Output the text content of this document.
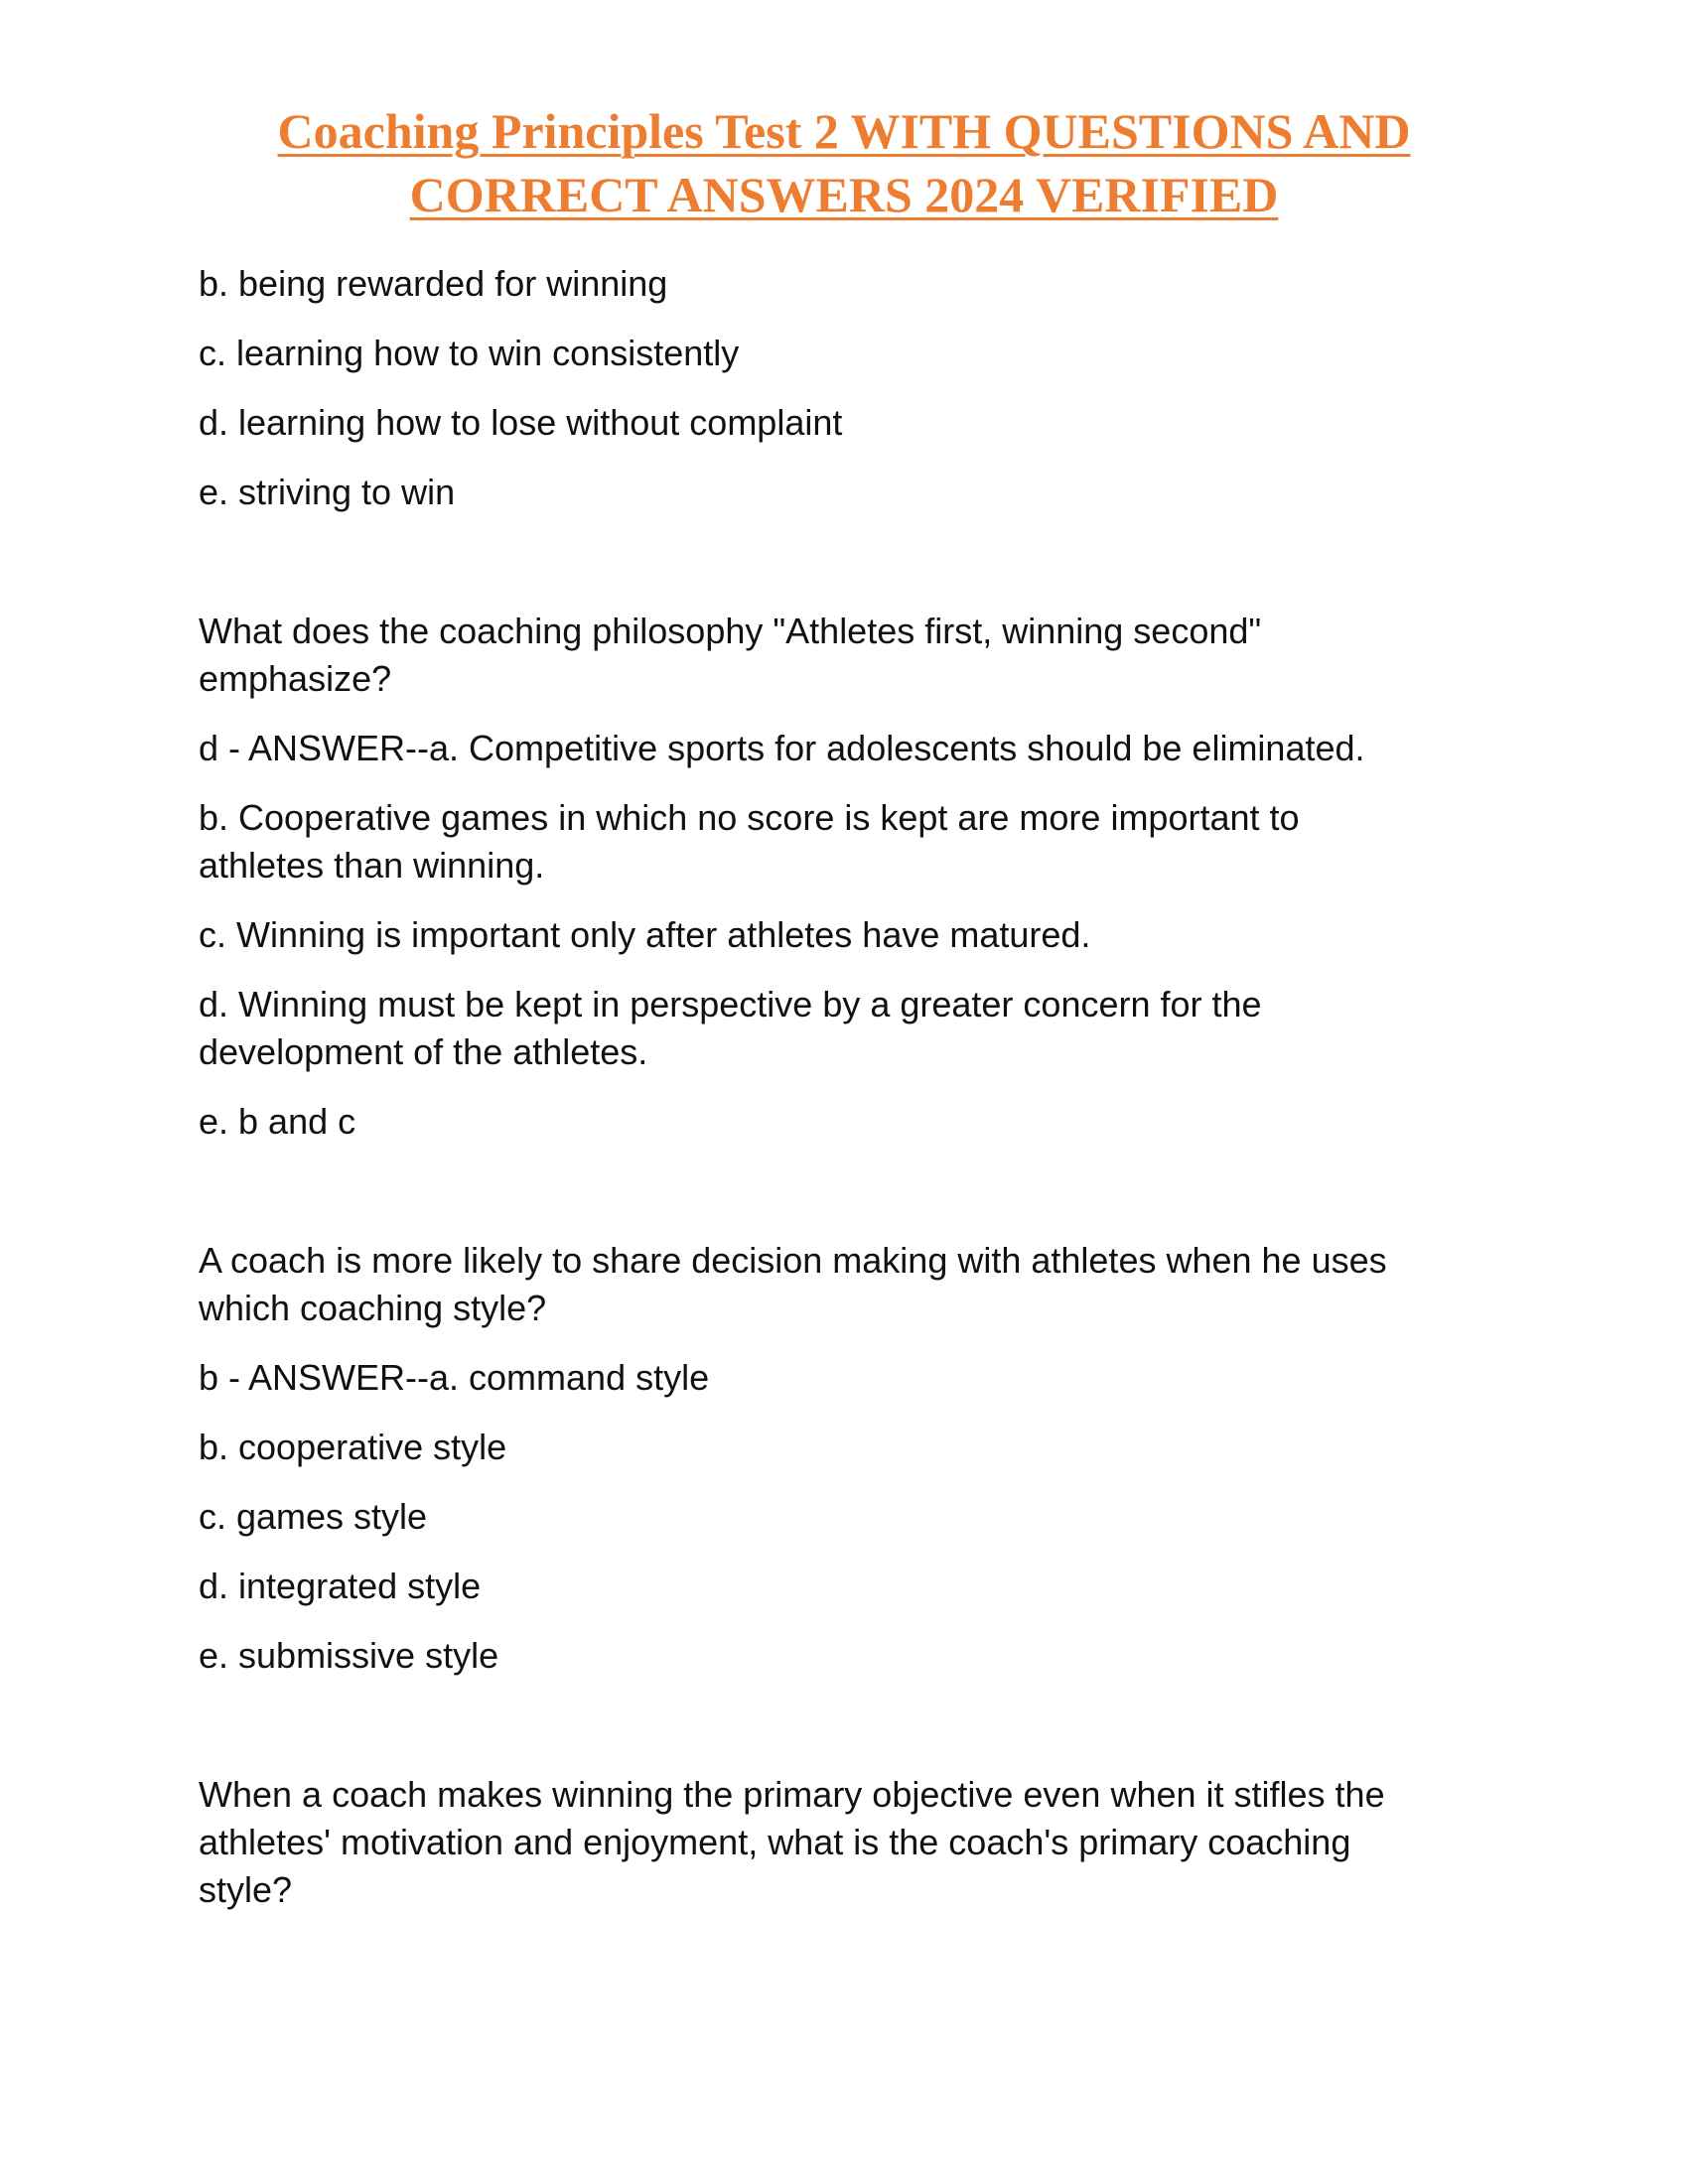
Coaching Principles Test 2 WITH QUESTIONS AND
CORRECT ANSWERS 2024 VERIFIED

b. being rewarded for winning

c. learning how to win consistently

d. learning how to lose without complaint

e. striving to win

What does the coaching philosophy "Athletes first, winning second"

emphasize?

d - ANSWER--a. Competitive sports for adolescents should be eliminated.

b. Cooperative games in which no score is kept are more important to

athletes than winning.

c. Winning is important only after athletes have matured.

d. Winning must be kept in perspective by a greater concern for the

development of the athletes.

e. b and c

A coach is more likely to share decision making with athletes when he uses

which coaching style?

b - ANSWER--a. command style

b. cooperative style

c. games style

d. integrated style

e. submissive style

When a coach makes winning the primary objective even when it stifles the

athletes' motivation and enjoyment, what is the coach's primary coaching

style?
